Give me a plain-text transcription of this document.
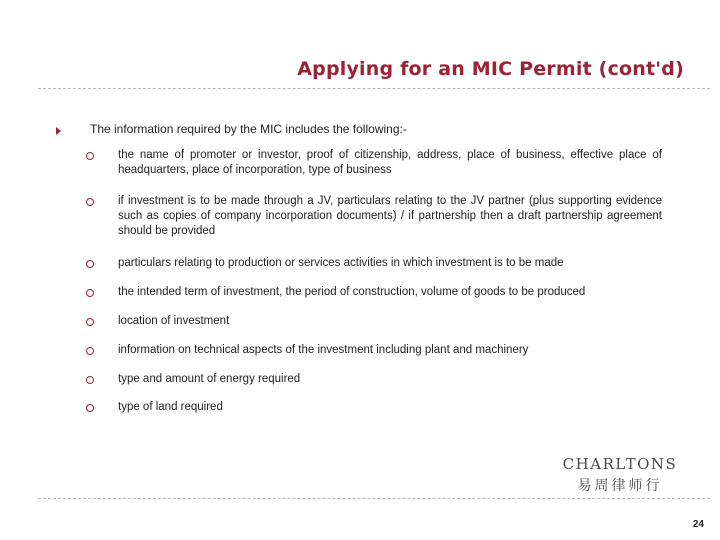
Applying for an MIC Permit (cont'd)
The information required by the MIC includes the following:-
the name of promoter or investor, proof of citizenship, address, place of business, effective place of headquarters, place of incorporation, type of business
if investment is to be made through a JV, particulars relating to the JV partner (plus supporting evidence such as copies of company incorporation documents) / if partnership then a draft partnership agreement should be provided
particulars relating to production or services activities in which investment is to be made
the intended term of investment, the period of construction, volume of goods to be produced
location of investment
information on technical aspects of the investment including plant and machinery
type and amount of energy required
type of land required
CHARLTONS
易周律师行
24
